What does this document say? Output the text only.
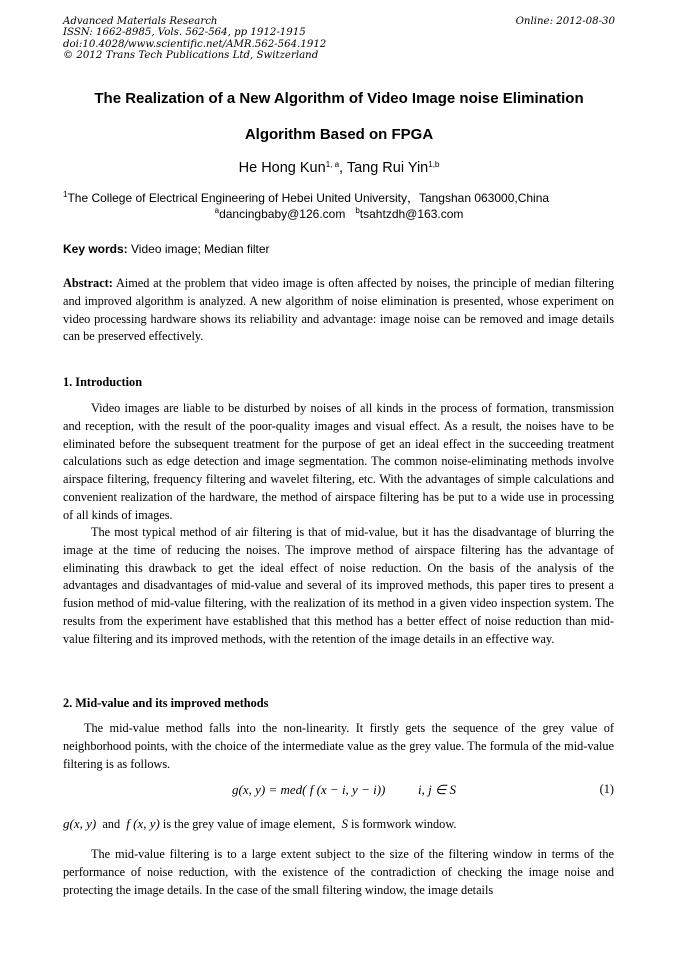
Advanced Materials Research
ISSN: 1662-8985, Vols. 562-564, pp 1912-1915
doi:10.4028/www.scientific.net/AMR.562-564.1912
© 2012 Trans Tech Publications Ltd, Switzerland
Online: 2012-08-30
The Realization of a New Algorithm of Video Image noise Elimination
Algorithm Based on FPGA
He Hong Kun$^{1, a}$, Tang Rui Yin$^{1,b}$
$^1$The College of Electrical Engineering of Hebei United University，Tangshan 063000,China
$^a$dancingbaby@126.com $^b$tsahtzdh@163.com
Key words: Video image; Median filter

Abstract: Aimed at the problem that video image is often affected by noises, the principle of median filtering and improved algorithm is analyzed. A new algorithm of noise elimination is presented, whose experiment on video processing hardware shows its reliability and advantage: image noise can be removed and image details can be preserved effectively.

1. Introduction

Video images are liable to be disturbed by noises of all kinds in the process of formation, transmission and reception, with the result of the poor-quality images and visual effect. As a result, the noises have to be eliminated before the subsequent treatment for the purpose of get an ideal effect in the succeeding treatment calculations such as edge detection and image segmentation. The common noise-eliminating methods involve airspace filtering, frequency filtering and wavelet filtering, etc. With the advantages of simple calculations and convenient realization of the hardware, the method of airspace filtering has be put to a wide use in processing of all kinds of images.

The most typical method of air filtering is that of mid-value, but it has the disadvantage of blurring the image at the time of reducing the noises. The improve method of airspace filtering has the advantage of eliminating this drawback to get the ideal effect of noise reduction. On the basis of the analysis of the advantages and disadvantages of mid-value and several of its improved methods, this paper tires to present a fusion method of mid-value filtering, with the realization of its method in a given video inspection system. The results from the experiment have established that this method has a better effect of noise reduction than mid-value filtering and its improved methods, with the retention of the image details in an effective way.

2. Mid-value and its improved methods

The mid-value method falls into the non-linearity. It firstly gets the sequence of the grey value of neighborhood points, with the choice of the intermediate value as the grey value. The formula of the mid-value filtering is as follows.

g(x, y) = med( f (x − i, y − i))	i, j ∈ S	(1)
g(x, y)  and  f (x, y) is the grey value of image element,  S is formwork window.

The mid-value filtering is to a large extent subject to the size of the filtering window in terms of the performance of noise reduction, with the existence of the contradiction of checking the image noise and protecting the image details. In the case of the small filtering window, the image details
